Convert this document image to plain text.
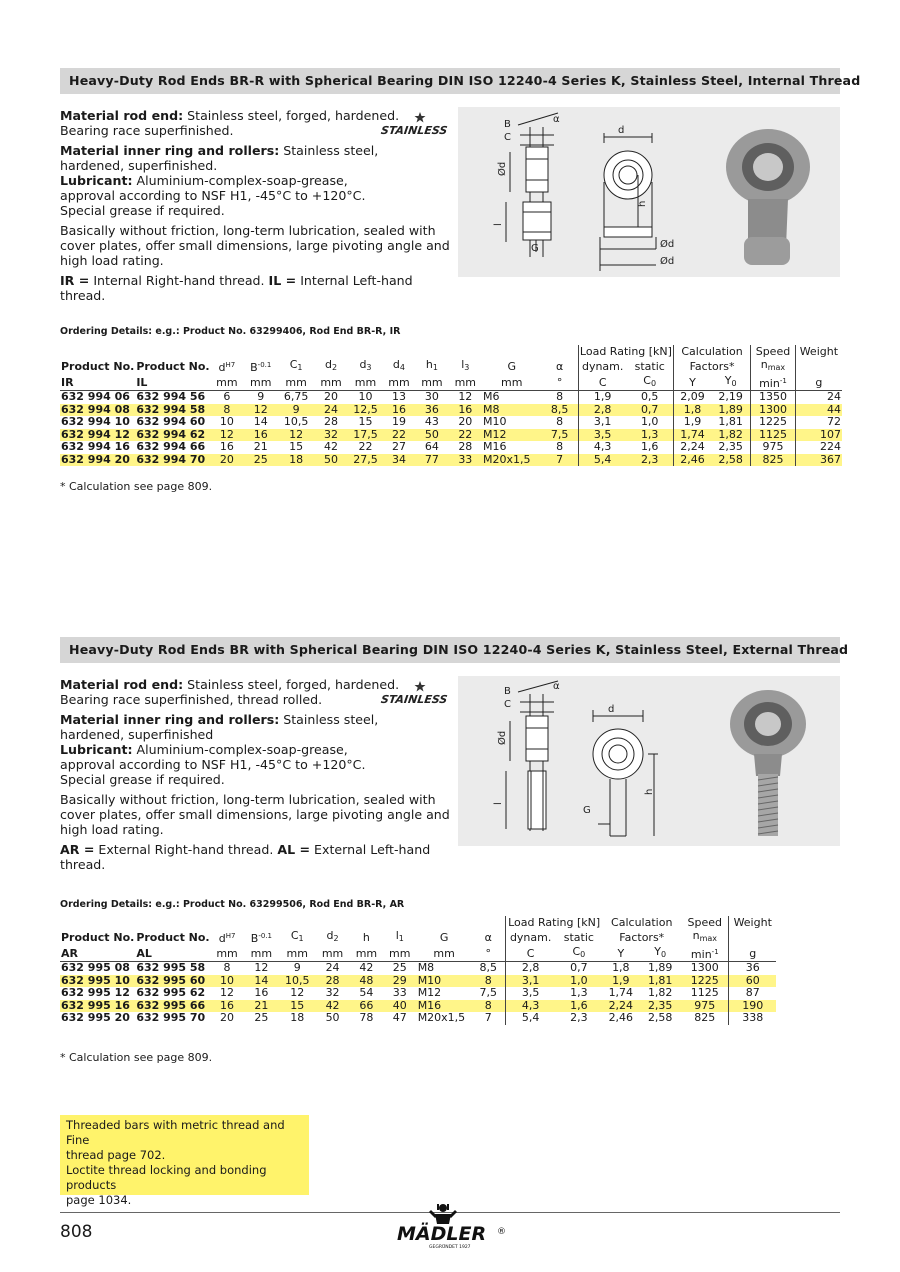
Heavy-Duty Rod Ends BR-R with Spherical Bearing DIN ISO 12240-4 Series K, Stainless Steel, Internal Thread

Material rod end: Stainless steel, forged, hardened.
Bearing race superfinished.

Material inner ring and rollers: Stainless steel,
hardened, superfinished.

Lubricant: Aluminium-complex-soap-grease,
approval according to NSF H1, -45°C to +120°C.
Special grease if required.

Basically without friction, long-term lubrication, sealed with cover plates, offer small dimensions, large pivoting angle and high load rating.

IR = Internal Right-hand thread. IL = Internal Left-hand thread.

STAINLESS	B
C
α
Ød
l
G
d
h
Ød
Ød
Ordering Details: e.g.: Product No. 63299406, Rod End BR-R, IR
												Load Rating [kN]		Calculation		Speed	Weight
Product No.	Product No.	$d^{H7}$	$B^{-0.1}$	$C_1$	$d_2$	$d_3$	$d_4$	$h_1$	$l_3$	G	α	dynam.	static	Factors*		$n_{max}$	
IR	IL	mm	mm	mm	mm	mm	mm	mm	mm	mm	°	C	$C_0$	Y	$Y_0$	$\min^{-1}$	g
632 994 06	632 994 56	6	9	6,75	20	10	13	30	12	M6	8	1,9	0,5	2,09	2,19	1350	24
632 994 08	632 994 58	8	12	9	24	12,5	16	36	16	M8	8,5	2,8	0,7	1,8	1,89	1300	44
632 994 10	632 994 60	10	14	10,5	28	15	19	43	20	M10	8	3,1	1,0	1,9	1,81	1225	72
632 994 12	632 994 62	12	16	12	32	17,5	22	50	22	M12	7,5	3,5	1,3	1,74	1,82	1125	107
632 994 16	632 994 66	16	21	15	42	22	27	64	28	M16	8	4,3	1,6	2,24	2,35	975	224
632 994 20	632 994 70	20	25	18	50	27,5	34	77	33	M20x1,5	7	5,4	2,3	2,46	2,58	825	367
* Calculation see page 809.
Heavy-Duty Rod Ends BR with Spherical Bearing DIN ISO 12240-4 Series K, Stainless Steel, External Thread

Material rod end: Stainless steel, forged, hardened.
Bearing race superfinished, thread rolled.

Material inner ring and rollers: Stainless steel,
hardened, superfinished

Lubricant: Aluminium-complex-soap-grease,
approval according to NSF H1, -45°C to +120°C.
Special grease if required.

Basically without friction, long-term lubrication, sealed with cover plates, offer small dimensions, large pivoting angle and high load rating.

AR = External Right-hand thread. AL = External Left-hand thread.

STAINLESS
B
C
α
Ød
l
d
G
h
Ordering Details: e.g.: Product No. 63299506, Rod End BR-R, AR
										Load Rating [kN]		Calculation		Speed	Weight
Product No.	Product No.	$d^{H7}$	$B^{-0.1}$	$C_1$	$d_2$	h	$l_1$	G	α	dynam.	static	Factors*		$n_{max}$	
AR	AL	mm	mm	mm	mm	mm	mm	mm	°	C	$C_0$	Y	$Y_0$	$\min^{-1}$	g
632 995 08	632 995 58	8	12	9	24	42	25	M8	8,5	2,8	0,7	1,8	1,89	1300	36
632 995 10	632 995 60	10	14	10,5	28	48	29	M10	8	3,1	1,0	1,9	1,81	1225	60
632 995 12	632 995 62	12	16	12	32	54	33	M12	7,5	3,5	1,3	1,74	1,82	1125	87
632 995 16	632 995 66	16	21	15	42	66	40	M16	8	4,3	1,6	2,24	2,35	975	190
632 995 20	632 995 70	20	25	18	50	78	47	M20x1,5	7	5,4	2,3	2,46	2,58	825	338
* Calculation see page 809.
Threaded bars with metric thread and Fine
thread page 702.
Loctite thread locking and bonding products
page 1034.
808	MÄDLER ®
GEGRÜNDET 1927
